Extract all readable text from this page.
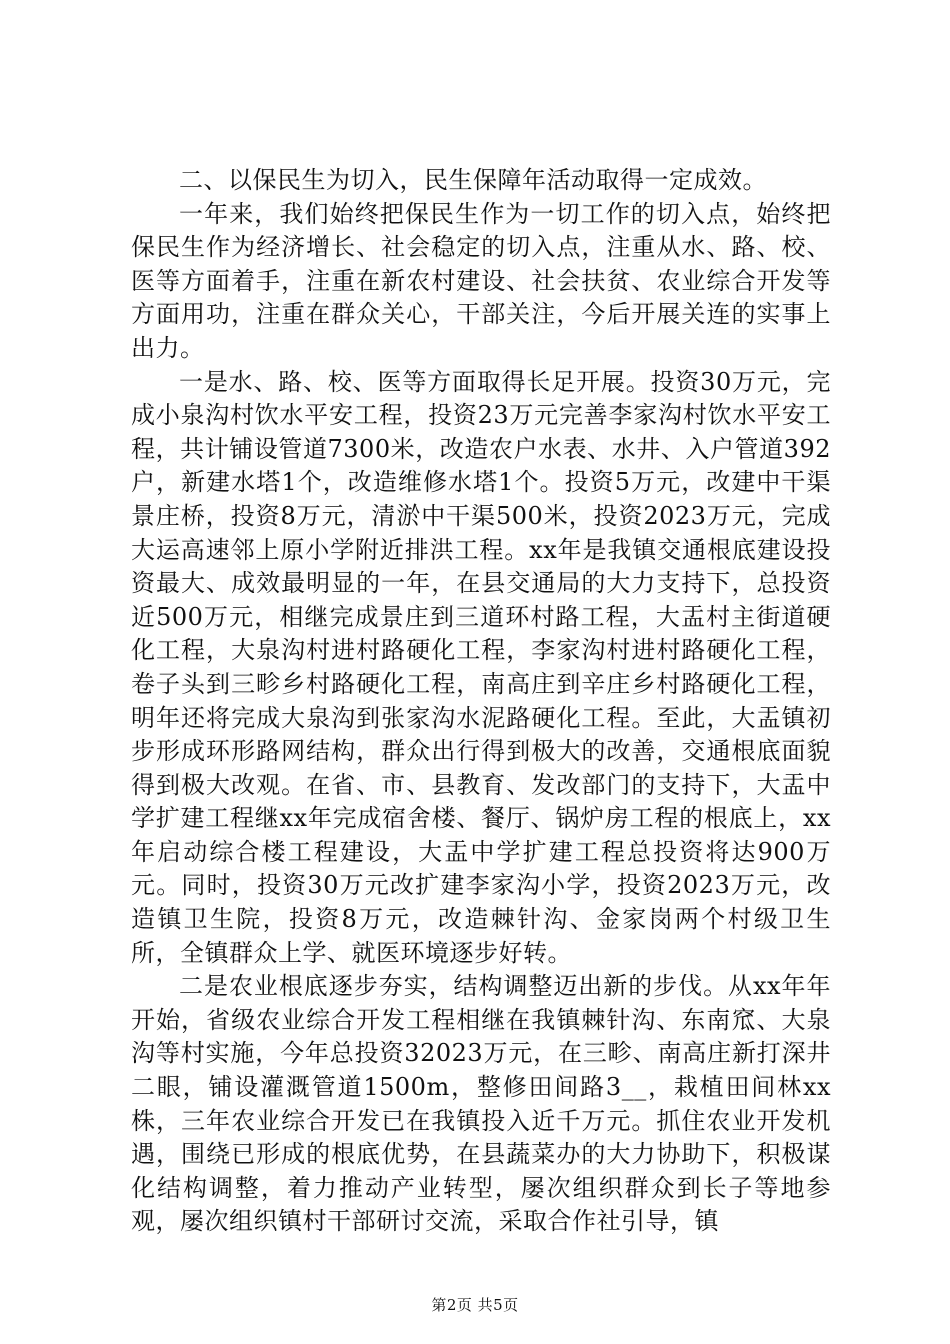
二、以保民生为切入，民生保障年活动取得一定成效。

一年来，我们始终把保民生作为一切工作的切入点，始终把保民生作为经济增长、社会稳定的切入点，注重从水、路、校、医等方面着手，注重在新农村建设、社会扶贫、农业综合开发等方面用功，注重在群众关心，干部关注，今后开展关连的实事上出力。

一是水、路、校、医等方面取得长足开展。投资30万元，完成小泉沟村饮水平安工程，投资23万元完善李家沟村饮水平安工程，共计铺设管道7300米，改造农户水表、水井、入户管道392户，新建水塔1个，改造维修水塔1个。投资5万元，改建中干渠景庄桥，投资8万元，清淤中干渠500米，投资2023万元，完成大运高速邻上原小学附近排洪工程。xx年是我镇交通根底建设投资最大、成效最明显的一年，在县交通局的大力支持下，总投资近500万元，相继完成景庄到三道环村路工程，大盂村主街道硬化工程，大泉沟村进村路硬化工程，李家沟村进村路硬化工程，卷子头到三畛乡村路硬化工程，南高庄到辛庄乡村路硬化工程，明年还将完成大泉沟到张家沟水泥路硬化工程。至此，大盂镇初步形成环形路网结构，群众出行得到极大的改善，交通根底面貌得到极大改观。在省、市、县教育、发改部门的支持下，大盂中学扩建工程继xx年完成宿舍楼、餐厅、锅炉房工程的根底上，xx年启动综合楼工程建设，大盂中学扩建工程总投资将达900万元。同时，投资30万元改扩建李家沟小学，投资2023万元，改造镇卫生院，投资8万元，改造棘针沟、金家岗两个村级卫生所，全镇群众上学、就医环境逐步好转。

二是农业根底逐步夯实，结构调整迈出新的步伐。从xx年年开始，省级农业综合开发工程相继在我镇棘针沟、东南窊、大泉沟等村实施，今年总投资32023万元，在三畛、南高庄新打深井二眼，铺设灌溉管道1500m，整修田间路3__，栽植田间林xx株，三年农业综合开发已在我镇投入近千万元。抓住农业开发机遇，围绕已形成的根底优势，在县蔬菜办的大力协助下，积极谋化结构调整，着力推动产业转型，屡次组织群众到长子等地参观，屡次组织镇村干部研讨交流，采取合作社引导，镇

第2页 共5页
